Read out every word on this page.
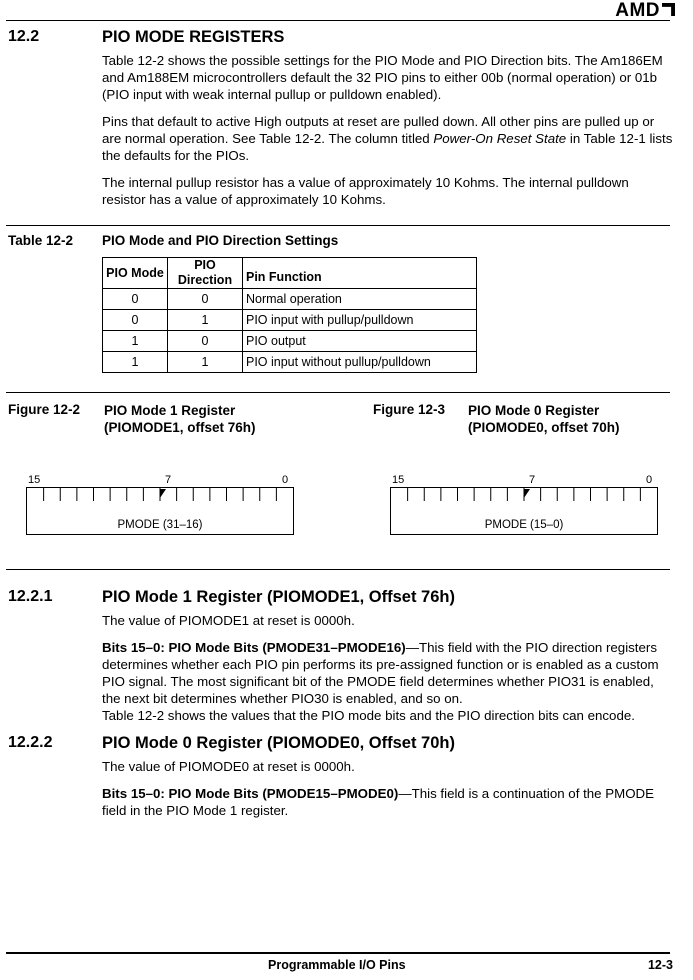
AMD
12.2	PIO MODE REGISTERS

Table 12-2 shows the possible settings for the PIO Mode and PIO Direction bits. The Am186EM and Am188EM microcontrollers default the 32 PIO pins to either 00b (normal operation) or 01b (PIO input with weak internal pullup or pulldown enabled).

Pins that default to active High outputs at reset are pulled down. All other pins are pulled up or are normal operation. See Table 12-2. The column titled Power-On Reset State in Table 12-1 lists the defaults for the PIOs.

The internal pullup resistor has a value of approximately 10 Kohms. The internal pulldown resistor has a value of approximately 10 Kohms.

Table 12-2 PIO Mode and PIO Direction Settings
PIO Mode	PIO Direction	Pin Function
0	0	Normal operation
0	1	PIO input with pullup/pulldown
1	0	PIO output
1	1	PIO input without pullup/pulldown
Figure 12-2 PIO Mode 1 Register
(PIOMODE1, offset 76h)
Figure 12-3 PIO Mode 0 Register
(PIOMODE0, offset 70h)
15	7	0
PMODE (31–16)
15	7	0
PMODE (15–0)
12.2.1	PIO Mode 1 Register (PIOMODE1, Offset 76h)

The value of PIOMODE1 at reset is 0000h.

Bits 15–0: PIO Mode Bits (PMODE31–PMODE16)—This field with the PIO direction registers determines whether each PIO pin performs its pre-assigned function or is enabled as a custom PIO signal. The most significant bit of the PMODE field determines whether PIO31 is enabled, the next bit determines whether PIO30 is enabled, and so on.

Table 12-2 shows the values that the PIO mode bits and the PIO direction bits can encode.

12.2.2	PIO Mode 0 Register (PIOMODE0, Offset 70h)

The value of PIOMODE0 at reset is 0000h.

Bits 15–0: PIO Mode Bits (PMODE15–PMODE0)—This field is a continuation of the PMODE field in the PIO Mode 1 register.

Programmable I/O Pins	12-3
